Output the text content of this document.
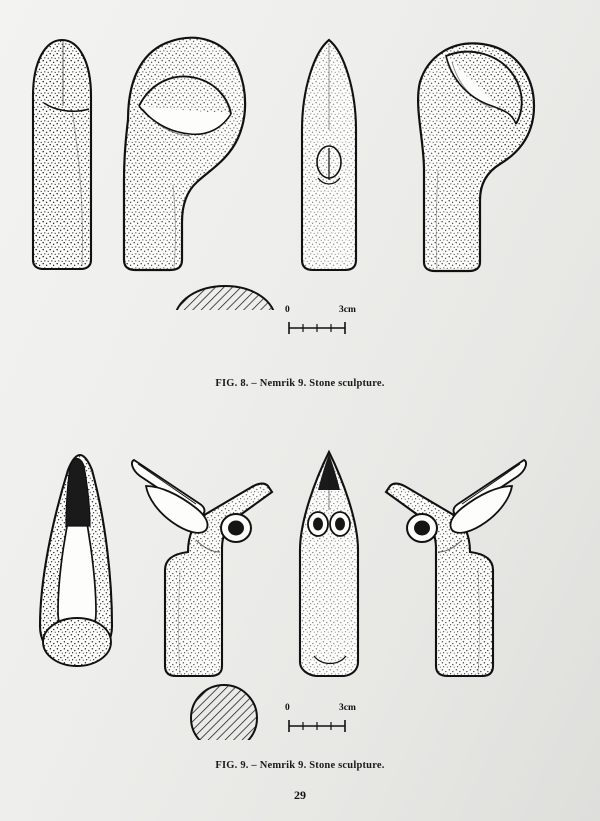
0	3cm
FIG. 8. – Nemrik 9. Stone sculpture.
0	3cm
FIG. 9. – Nemrik 9. Stone sculpture.
29
